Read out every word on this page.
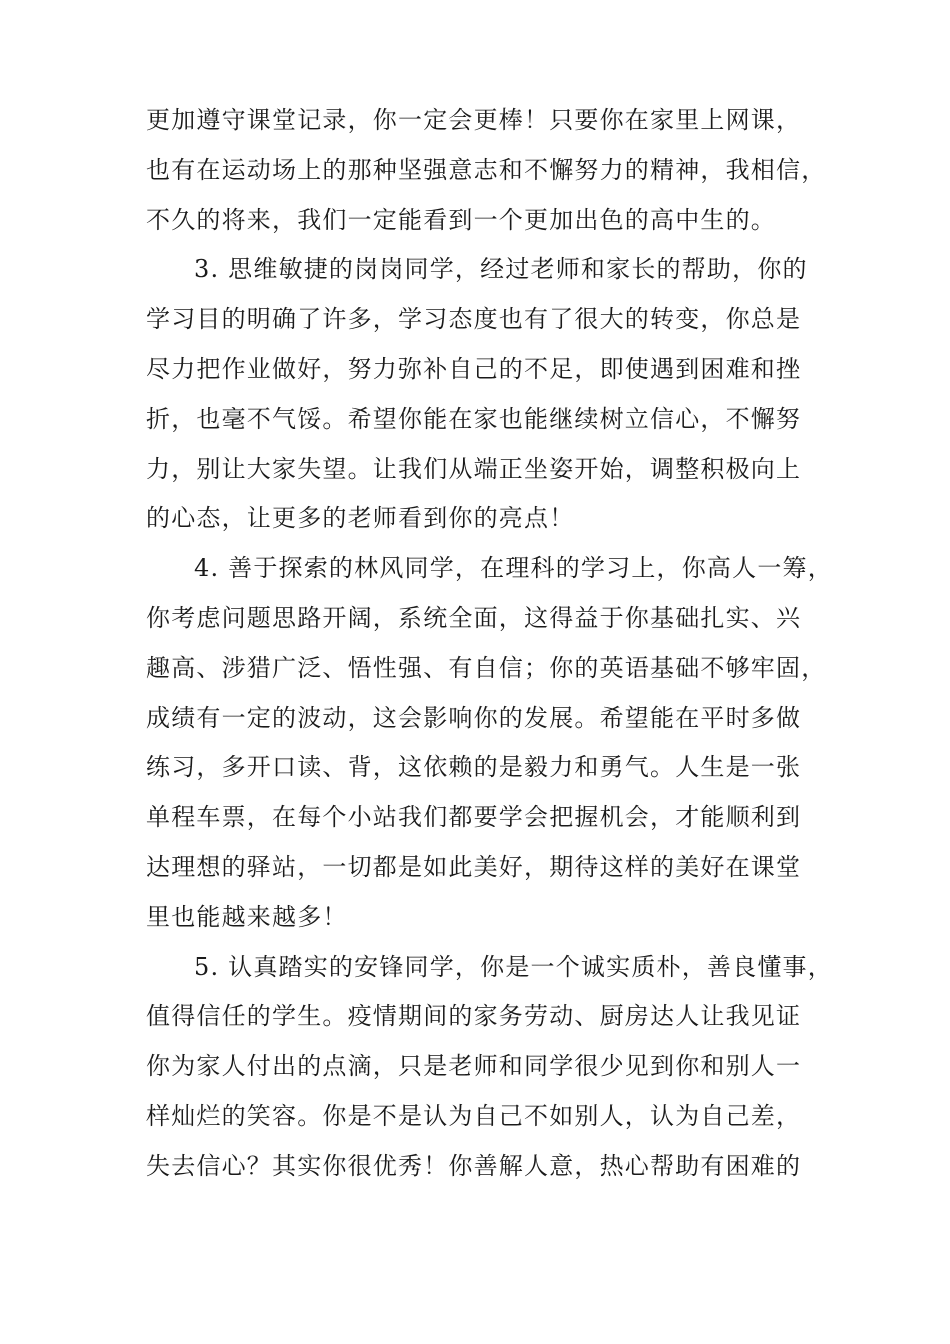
更加遵守课堂记录，你一定会更棒！只要你在家里上网课，
也有在运动场上的那种坚强意志和不懈努力的精神，我相信，
不久的将来，我们一定能看到一个更加出色的高中生的。
3. 思维敏捷的岗岗同学，经过老师和家长的帮助，你的
学习目的明确了许多，学习态度也有了很大的转变，你总是
尽力把作业做好，努力弥补自己的不足，即使遇到困难和挫
折，也毫不气馁。希望你能在家也能继续树立信心，不懈努
力，别让大家失望。让我们从端正坐姿开始，调整积极向上
的心态，让更多的老师看到你的亮点！
4. 善于探索的林风同学，在理科的学习上，你高人一筹，
你考虑问题思路开阔，系统全面，这得益于你基础扎实、兴
趣高、涉猎广泛、悟性强、有自信；你的英语基础不够牢固，
成绩有一定的波动，这会影响你的发展。希望能在平时多做
练习，多开口读、背，这依赖的是毅力和勇气。人生是一张
单程车票，在每个小站我们都要学会把握机会，才能顺利到
达理想的驿站，一切都是如此美好，期待这样的美好在课堂
里也能越来越多！
5. 认真踏实的安锋同学，你是一个诚实质朴，善良懂事，
值得信任的学生。疫情期间的家务劳动、厨房达人让我见证
你为家人付出的点滴，只是老师和同学很少见到你和别人一
样灿烂的笑容。你是不是认为自己不如别人，认为自己差，
失去信心？其实你很优秀！你善解人意，热心帮助有困难的
